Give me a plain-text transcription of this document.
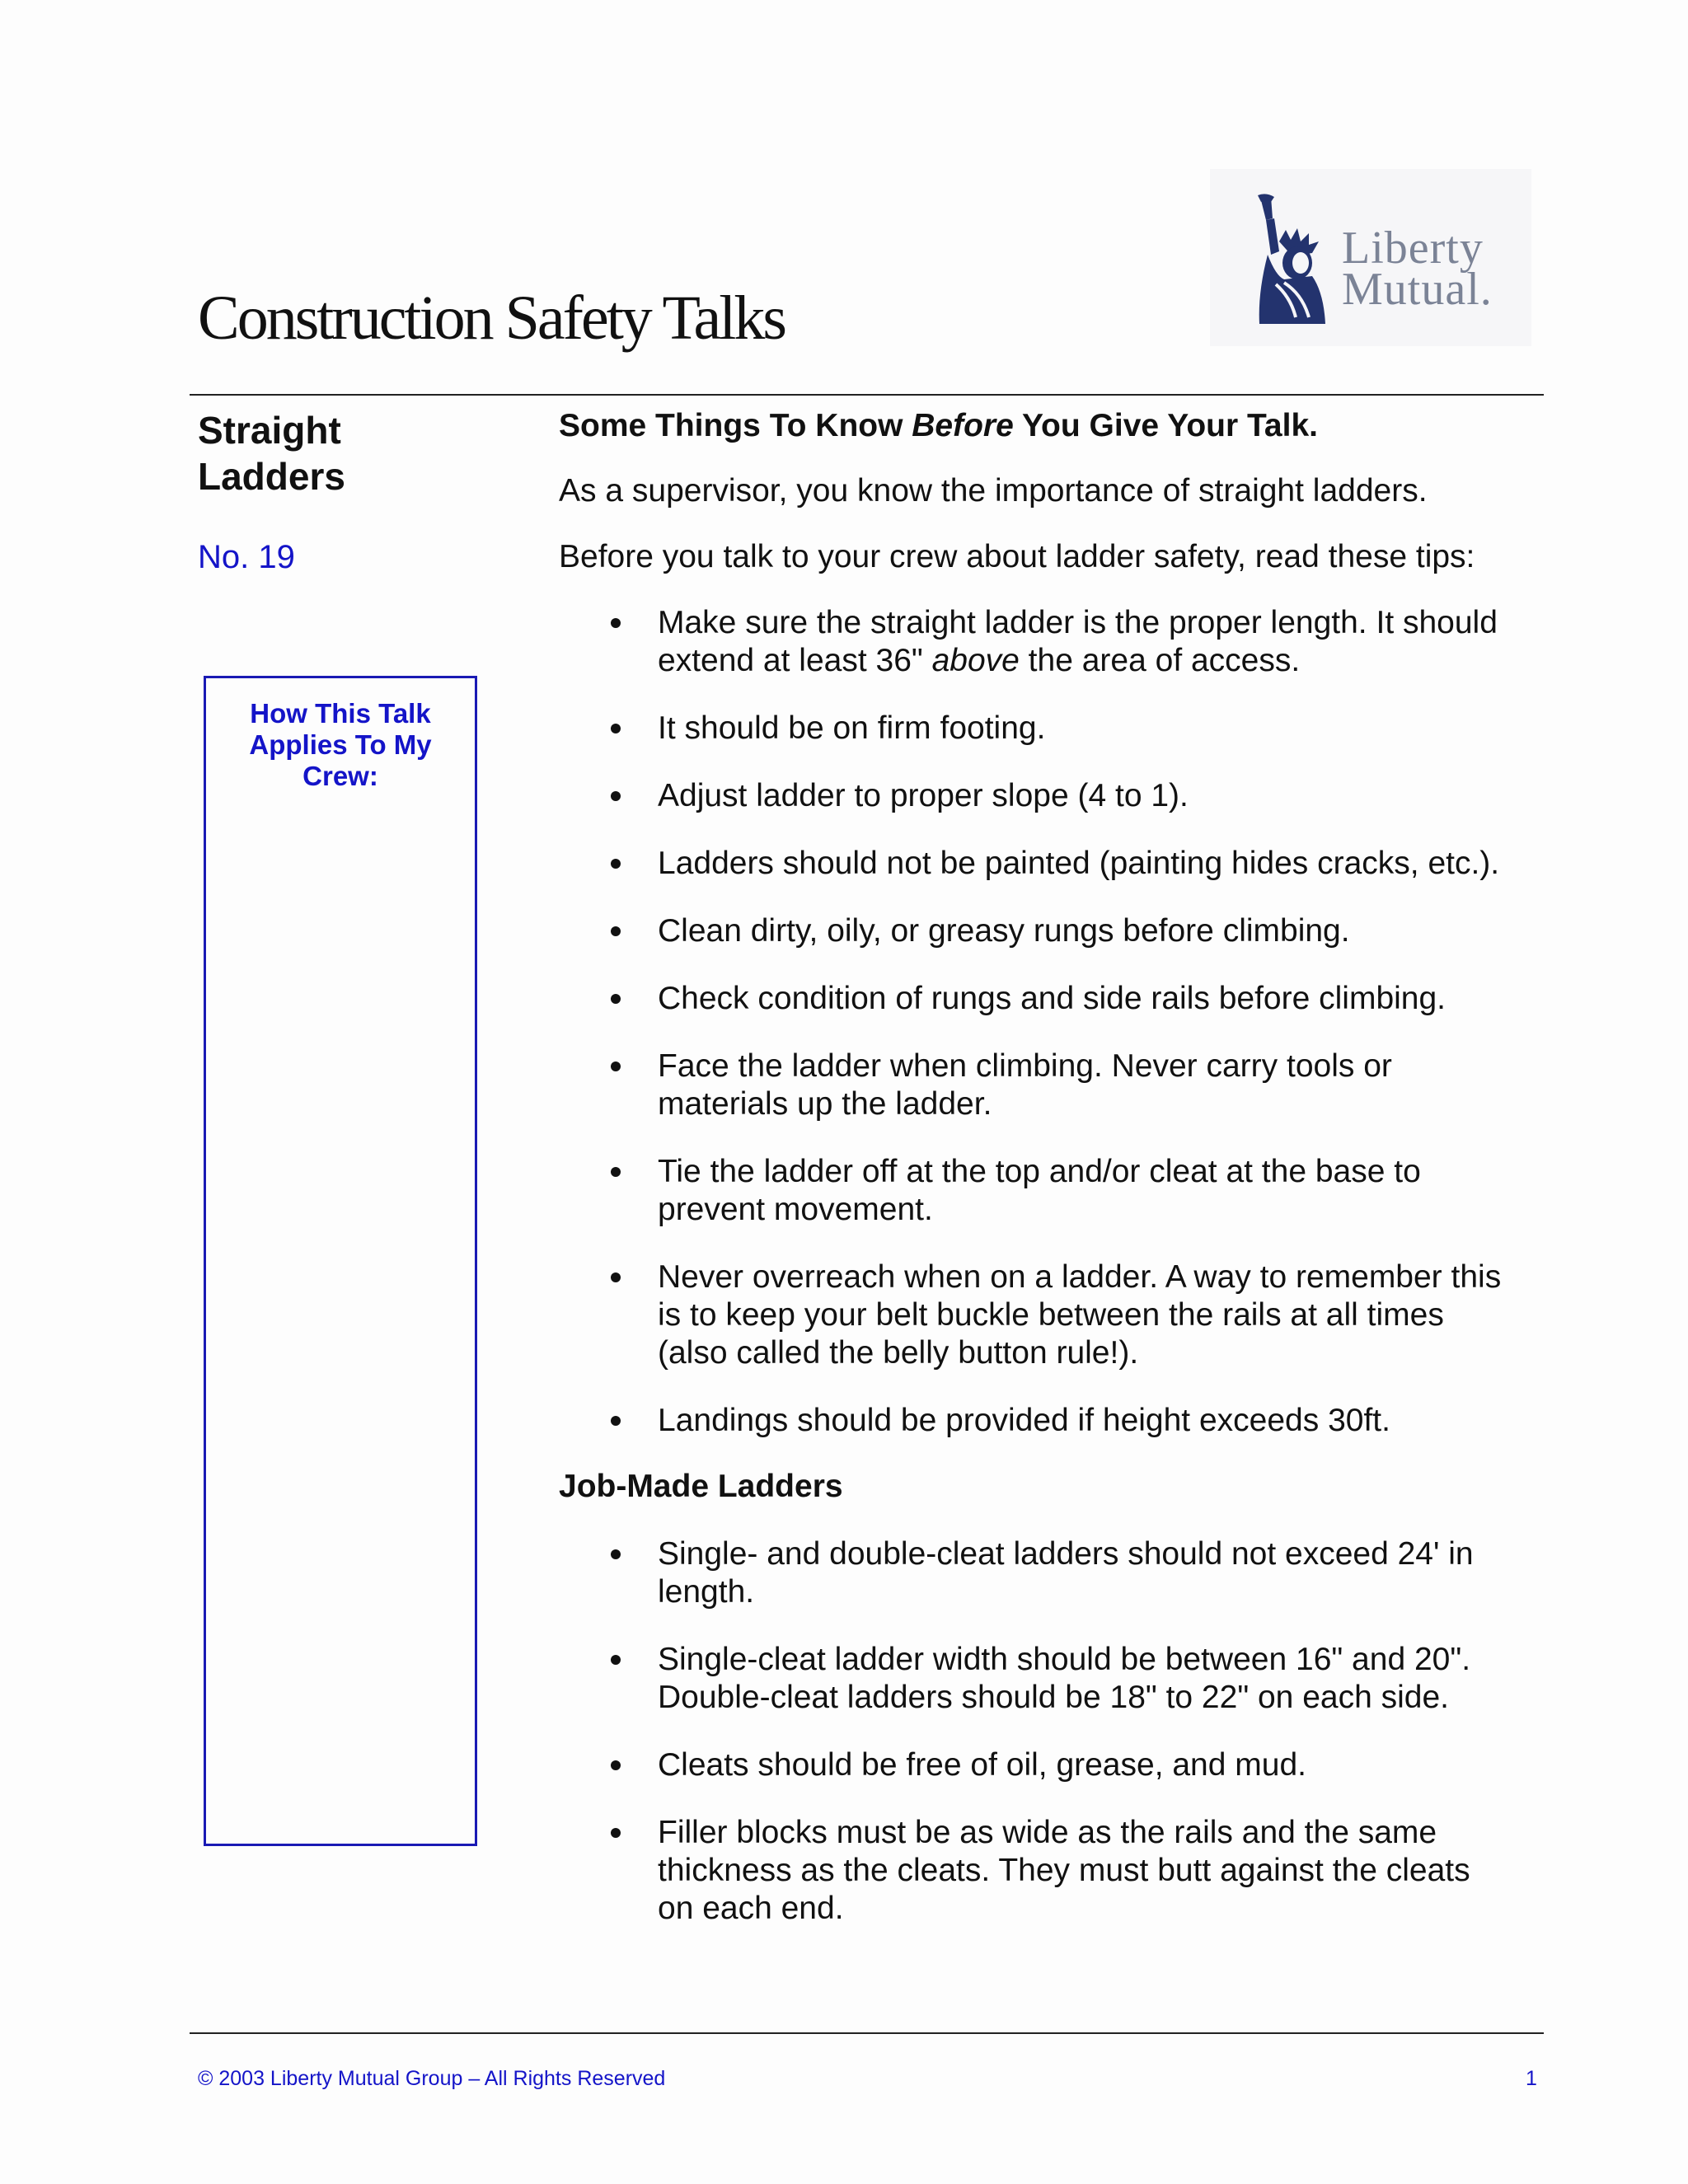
Liberty
Mutual.
Construction Safety Talks
Straight
Ladders
No. 19
How This Talk
Applies To My
Crew:

Some Things To Know Before You Give Your Talk.

As a supervisor, you know the importance of straight ladders.

Before you talk to your crew about ladder safety, read these tips:

Make sure the straight ladder is the proper length. It should
extend at least 36" above the area of access.
It should be on firm footing.
Adjust ladder to proper slope (4 to 1).
Ladders should not be painted (painting hides cracks, etc.).
Clean dirty, oily, or greasy rungs before climbing.
Check condition of rungs and side rails before climbing.
Face the ladder when climbing. Never carry tools or
materials up the ladder.
Tie the ladder off at the top and/or cleat at the base to
prevent movement.
Never overreach when on a ladder. A way to remember this
is to keep your belt buckle between the rails at all times
(also called the belly button rule!).
Landings should be provided if height exceeds 30ft.

Job-Made Ladders

Single- and double-cleat ladders should not exceed 24' in
length.
Single-cleat ladder width should be between 16" and 20".
Double-cleat ladders should be 18" to 22" on each side.
Cleats should be free of oil, grease, and mud.
Filler blocks must be as wide as the rails and the same
thickness as the cleats. They must butt against the cleats
on each end.
© 2003 Liberty Mutual Group – All Rights Reserved	1
